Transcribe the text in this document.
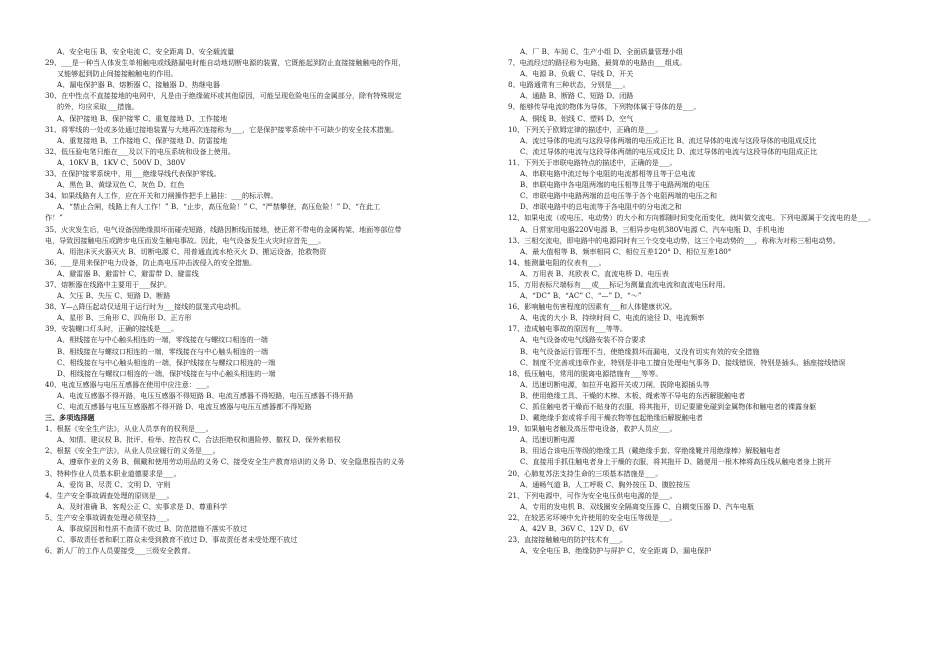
A、安全电压 B、安全电流 C、安全距离 D、安全载流量
29、___是一种当人体发生单相触电或线路漏电时能自动地切断电源的装置，它既能起到防止直接接触触电的作用，
又能够起到防止间接接触触电的作用。
A、漏电保护器 B、熔断器 C、接触器 D、热继电器
30、在中性点不直接接地的电网中，凡是由于绝缘破坏或其他原因，可能呈现危险电压的金属部分，除有特殊规定
的外，均应采取___措施。
A、保护接地 B、保护接零 C、重复接地 D、工作接地
31、将零线的一处或多处通过接地装置与大地再次连接称为___，它是保护接零系统中不可缺少的安全技术措施。
A、重复接地 B、工作接地 C、保护接地 D、防雷接地
32、低压验电笔只能在___及以下的电压系统和设备上使用。
A、10KV B、1KV C、500V D、380V
33、在保护接零系统中，用___绝缘导线代表保护零线。
A、黑色 B、黄绿双色 C、灰色 D、红色
34、如果线路有人工作，应在开关和刀闸操作把手上悬挂：___的标示牌。
A、“禁止合闸，线路上有人工作！” B、“止步，高压危险！” C、“严禁攀登，高压危险！” D、“在此工
作！”
35、火灾发生后，电气设备因绝缘损坏而碰壳短路，线路因断线而接地，使正常不带电的金属构架、地面等部位带
电，导致因接触电压或跨步电压而发生触电事故。因此，电气设备发生火灾时应首先___。
A、用泡沫灭火器灭火 B、切断电源 C、用普通直流水枪灭火 D、搬运设备，抢救物资
36、___是用来保护电力设备，防止高电压冲击波侵入的安全措施。
A、避雷器 B、避雷针 C、避雷带 D、避雷线
37、熔断器在线路中主要用于___保护。
A、欠压 B、失压 C、短路 D、断路
38、Y—△降压起动仅适用于运行时为___接线的鼠笼式电动机。
A、星形 B、三角形 C、四角形 D、正方形
39、安装螺口灯头时，正确的接线是___。
A、相线接在与中心触头相连的一端，零线接在与螺纹口相连的一端
B、相线接在与螺纹口相连的一端，零线接在与中心触头相连的一端
C、相线接在与中心触头相连的一端，保护线接在与螺纹口相连的一端
D、相线接在与螺纹口相连的一端，保护线接在与中心触头相连的一端
40、电流互感器与电压互感器在使用中应注意：___。
A、电流互感器不得开路，电压互感器不得短路 B、电流互感器不得短路，电压互感器不得开路
C、电流互感器与电压互感器都不得开路 D、电流互感器与电压互感器都不得短路
三、多项选择题
1、根据《安全生产法》，从业人员享有的权利是___。
A、知情、建议权 B、批评、检举、控告权 C、合法拒绝权和遇险停、撤权 D、保外索赔权
2、根据《安全生产法》，从业人员应履行的义务是___。
A、遵章作业的义务 B、佩戴和使用劳动用品的义务 C、接受安全生产教育培训的义务 D、安全隐患报告的义务
3、特种作业人员基本职业道德要求是___。
A、爱岗 B、尽责 C、文明 D、守则
4、生产安全事故调查处理的原则是___。
A、及时准确 B、客观公正 C、实事求是 D、尊重科学
5、生产安全事故调查处理必须坚持___。
A、事故原因和性质不查清不放过 B、防范措施不落实不放过
C、事故责任者和职工群众未受到教育不放过 D、事故责任者未受处理不放过
6、新人厂的工作人员要接受___三级安全教育。
A、厂 B、车间 C、生产小组 D、全面质量管理小组
7、电流经过的路径称为电路，最简单的电路由___组成。
A、电源 B、负载 C、导线 D、开关
8、电路通常有三种状态，分别是___。
A、通路 B、断路 C、短路 D、闭路
9、能够传导电流的物体为导体，下列物体属于导体的是___。
A、铜线 B、铝线 C、塑料 D、空气
10、下列关于欧姆定律的描述中，正确的是___。
A、流过导体的电流与这段导体两端的电压成正比 B、流过导体的电流与这段导体的电阻成反比
C、流过导体的电流与这段导体两端的电压成反比 D、流过导体的电流与这段导体的电阻成正比
11、下列关于串联电路特点的描述中，正确的是___。
A、串联电路中流过每个电阻的电流都相等且等于总电流
B、串联电路中各电阻两端的电压相等且等于电路两端的电压
C、串联电路中电路两端的总电压等于各个电阻两端的电压之和
D、串联电路中的总电流等于各电阻中的分电流之和
12、如果电流（或电压、电动势）的大小和方向都随时间变化而变化，就叫做交流电。下列电源属于交流电的是___。
A、日常家用电器220V电源 B、三相异步电机380V电源 C、汽车电瓶 D、手机电池
13、三相交流电，即电路中的电源同时有三个交变电动势，这三个电动势的___，称称为对称三相电动势。
A、最大值相等 B、频率相同 C、相位互差120° D、相位互差180°
14、能测量电阻的仪表有___。
A、万用表 B、兆欧表 C、直流电桥 D、电压表
15、万用表标尺端标有___或___标记为测量直流电流和直流电压时用。
A、“DC” B、“AC” C、“—” D、“～”
16、影响触电伤害程度的因素有___和人体健康状况。
A、电流的大小 B、持续时间 C、电流的途径 D、电流频率
17、造成触电事故的原因有___等等。
A、电气设备或电气线路安装不符合要求
B、电气设备运行管理不当，使绝缘损坏而漏电，又没有切实有效的安全措施
C、制度不完善或违章作业，特别是非电工擅自处理电气事务 D、接线错误，特别是插头、插座接线错误
18、低压触电，常用的脱离电源措施有___等等。
A、迅速切断电源，如拉开电源开关或刀闸，拔除电源插头等
B、使用绝缘工具、干燥的木棒、木板、绳索等不导电的东西解脱触电者
C、抓住触电者干燥而不贴身的衣服，将其拖开，切记要避免碰到金属物体和触电者的裸露身躯
D、戴绝缘手套或将手用干燥衣物等包起绝缘后解脱触电者
19、如果触电者触及高压带电设备，救护人员应___。
A、迅速切断电源
B、用适合该电压等级的绝缘工具（戴绝缘手套、穿绝缘靴并用绝缘棒）解脱触电者
C、直接用手抓住触电者身上干燥的衣服，将其拖开 D、随便用一根木棒将高压线从触电者身上挑开
20、心肺复苏法支持生命的三项基本措施是___。
A、通畅气道 B、人工呼吸 C、胸外按压 D、腹腔按压
21、下列电源中，可作为安全电压供电电源的是___。
A、专用的发电机 B、双线圈安全隔离变压器 C、自耦变压器 D、汽车电瓶
22、在较恶劣环境中允许使用的安全电压等级是___。
A、42V B、36V C、12V D、6V
23、直接接触触电的防护技术有___。
A、安全电压 B、绝缘防护与屏护 C、安全距离 D、漏电保护
